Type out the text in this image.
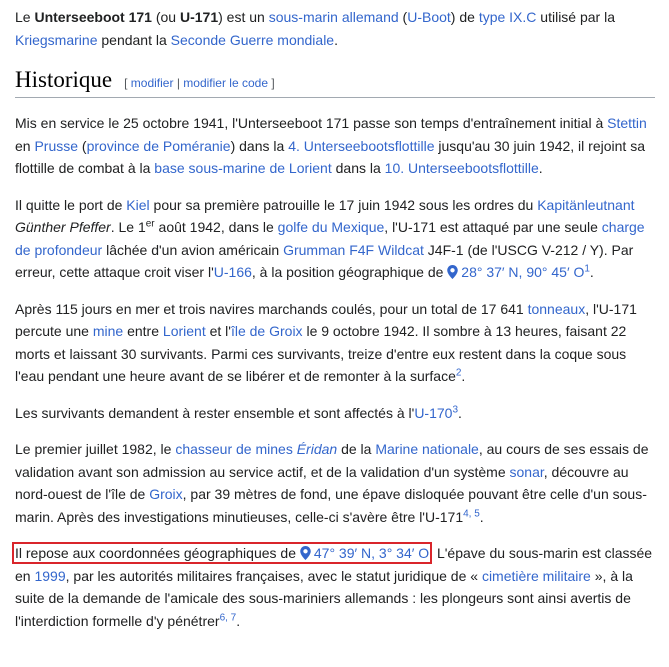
Le Unterseeboot 171 (ou U-171) est un sous-marin allemand (U-Boot) de type IX.C utilisé par la Kriegsmarine pendant la Seconde Guerre mondiale.

Historique [ modifier | modifier le code ]

Mis en service le 25 octobre 1941, l'Unterseeboot 171 passe son temps d'entraînement initial à Stettin en Prusse (province de Poméranie) dans la 4. Unterseebootsflottille jusqu'au 30 juin 1942, il rejoint sa flottille de combat à la base sous-marine de Lorient dans la 10. Unterseebootsflottille.

Il quitte le port de Kiel pour sa première patrouille le 17 juin 1942 sous les ordres du Kapitänleutnant Günther Pfeffer. Le 1er août 1942, dans le golfe du Mexique, l'U-171 est attaqué par une seule charge de profondeur lâchée d'un avion américain Grumman F4F Wildcat J4F-1 (de l'USCG V-212 / Y). Par erreur, cette attaque croit viser l'U-166, à la position géographique de 28° 37′ N, 90° 45′ O$^1$.

Après 115 jours en mer et trois navires marchands coulés, pour un total de 17 641 tonneaux, l'U-171 percute une mine entre Lorient et l'île de Groix le 9 octobre 1942. Il sombre à 13 heures, faisant 22 morts et laissant 30 survivants. Parmi ces survivants, treize d'entre eux restent dans la coque sous l'eau pendant une heure avant de se libérer et de remonter à la surface$^2$.

Les survivants demandent à rester ensemble et sont affectés à l'U-170$^3$.

Le premier juillet 1982, le chasseur de mines Éridan de la Marine nationale, au cours de ses essais de validation avant son admission au service actif, et de la validation d'un système sonar, découvre au nord-ouest de l'île de Groix, par 39 mètres de fond, une épave disloquée pouvant être celle d'un sous-marin. Après des investigations minutieuses, celle-ci s'avère être l'U-171$^{4, 5}$.

Il repose aux coordonnées géographiques de 47° 39′ N, 3° 34′ O. L'épave du sous-marin est classée en 1999, par les autorités militaires françaises, avec le statut juridique de « cimetière militaire », à la suite de la demande de l'amicale des sous-mariniers allemands : les plongeurs sont ainsi avertis de l'interdiction formelle d'y pénétrer$^{6, 7}$.
